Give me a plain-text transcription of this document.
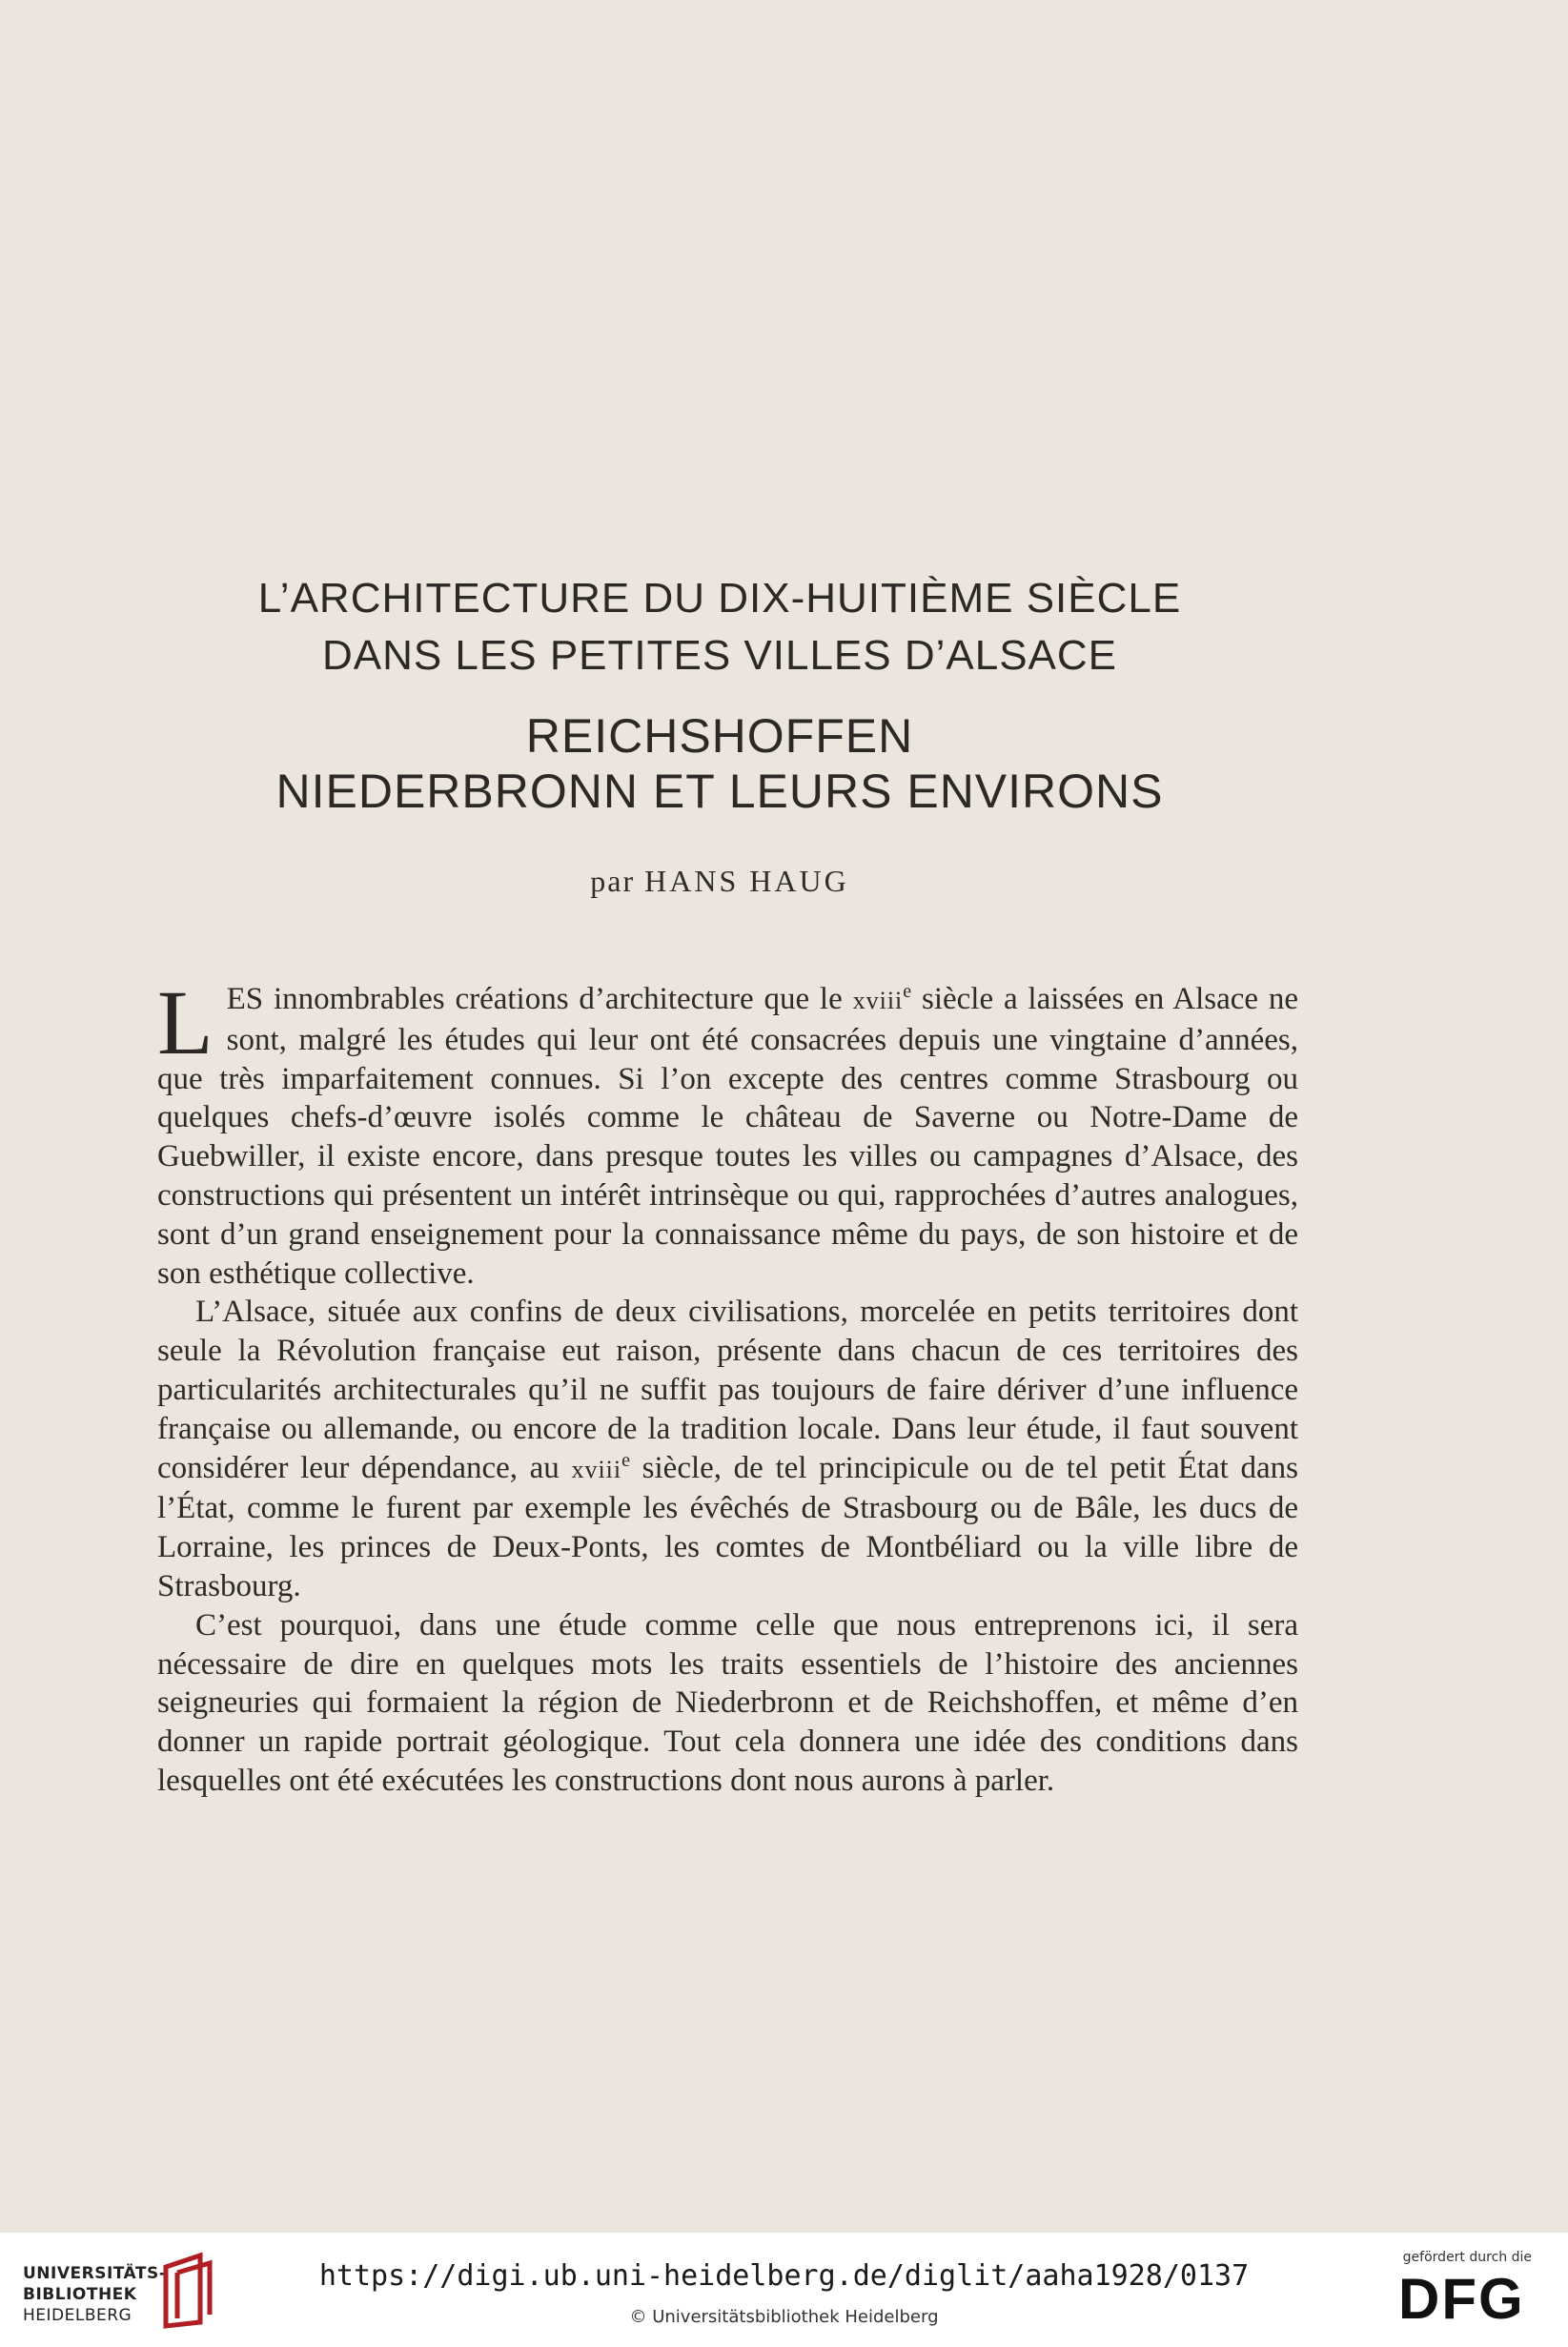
L’ARCHITECTURE DU DIX-HUITIÈME SIÈCLE
DANS LES PETITES VILLES D’ALSACE
REICHSHOFFEN
NIEDERBRONN ET LEURS ENVIRONS
par HANS HAUG

LES innombrables créations d’architecture que le xviii$^e$ siècle a laissées en Alsace ne sont, malgré les études qui leur ont été consacrées depuis une vingtaine d’années, que très imparfaitement connues. Si l’on excepte des centres comme Strasbourg ou quelques chefs-d’œuvre isolés comme le château de Saverne ou Notre-Dame de Guebwiller, il existe encore, dans presque toutes les villes ou campagnes d’Alsace, des constructions qui présentent un intérêt intrinsèque ou qui, rapprochées d’autres analogues, sont d’un grand enseignement pour la connaissance même du pays, de son histoire et de son esthétique collective.

L’Alsace, située aux confins de deux civilisations, morcelée en petits territoires dont seule la Révolution française eut raison, présente dans chacun de ces territoires des particularités architecturales qu’il ne suffit pas toujours de faire dériver d’une influence française ou allemande, ou encore de la tradition locale. Dans leur étude, il faut souvent considérer leur dépendance, au xviii$^e$ siècle, de tel principicule ou de tel petit État dans l’État, comme le furent par exemple les évêchés de Strasbourg ou de Bâle, les ducs de Lorraine, les princes de Deux-Ponts, les comtes de Montbéliard ou la ville libre de Strasbourg.

C’est pourquoi, dans une étude comme celle que nous entreprenons ici, il sera nécessaire de dire en quelques mots les traits essentiels de l’histoire des anciennes seigneuries qui formaient la région de Niederbronn et de Reichshoffen, et même d’en donner un rapide portrait géologique. Tout cela donnera une idée des conditions dans lesquelles ont été exécutées les constructions dont nous aurons à parler.

UNIVERSITÄTS-
BIBLIOTHEK
HEIDELBERG
https://digi.ub.uni-heidelberg.de/diglit/aaha1928/0137
© Universitätsbibliothek Heidelberg
gefördert durch die
DFG
